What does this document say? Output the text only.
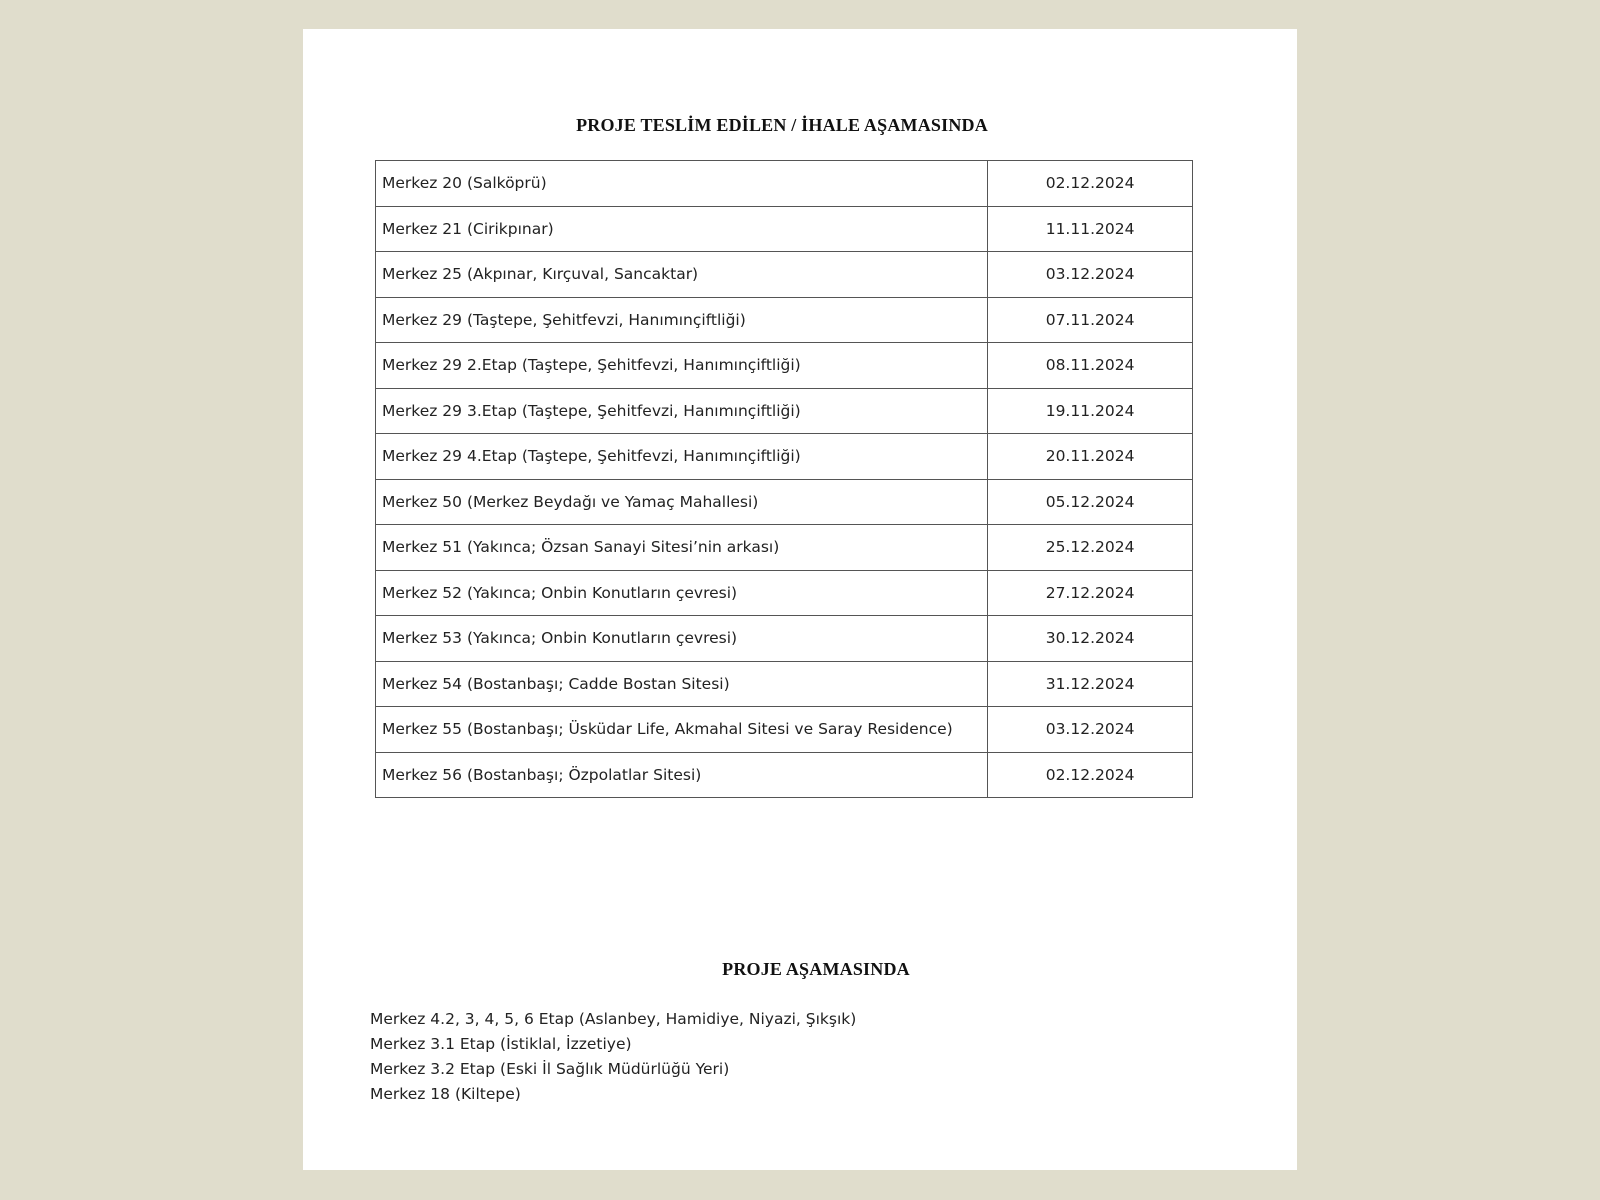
PROJE TESLİM EDİLEN / İHALE AŞAMASINDA
Merkez 20 (Salköprü)	02.12.2024
Merkez 21 (Cirikpınar)	11.11.2024
Merkez 25 (Akpınar, Kırçuval, Sancaktar)	03.12.2024
Merkez 29 (Taştepe, Şehitfevzi, Hanımınçiftliği)	07.11.2024
Merkez 29 2.Etap (Taştepe, Şehitfevzi, Hanımınçiftliği)	08.11.2024
Merkez 29 3.Etap (Taştepe, Şehitfevzi, Hanımınçiftliği)	19.11.2024
Merkez 29 4.Etap (Taştepe, Şehitfevzi, Hanımınçiftliği)	20.11.2024
Merkez 50 (Merkez Beydağı ve Yamaç Mahallesi)	05.12.2024
Merkez 51 (Yakınca; Özsan Sanayi Sitesi’nin arkası)	25.12.2024
Merkez 52 (Yakınca; Onbin Konutların çevresi)	27.12.2024
Merkez 53 (Yakınca; Onbin Konutların çevresi)	30.12.2024
Merkez 54 (Bostanbaşı; Cadde Bostan Sitesi)	31.12.2024
Merkez 55 (Bostanbaşı; Üsküdar Life, Akmahal Sitesi ve Saray Residence)	03.12.2024
Merkez 56 (Bostanbaşı; Özpolatlar Sitesi)	02.12.2024
PROJE AŞAMASINDA
Merkez 4.2, 3, 4, 5, 6 Etap (Aslanbey, Hamidiye, Niyazi, Şıkşık)
Merkez 3.1 Etap (İstiklal, İzzetiye)
Merkez 3.2 Etap (Eski İl Sağlık Müdürlüğü Yeri)
Merkez 18 (Kiltepe)
